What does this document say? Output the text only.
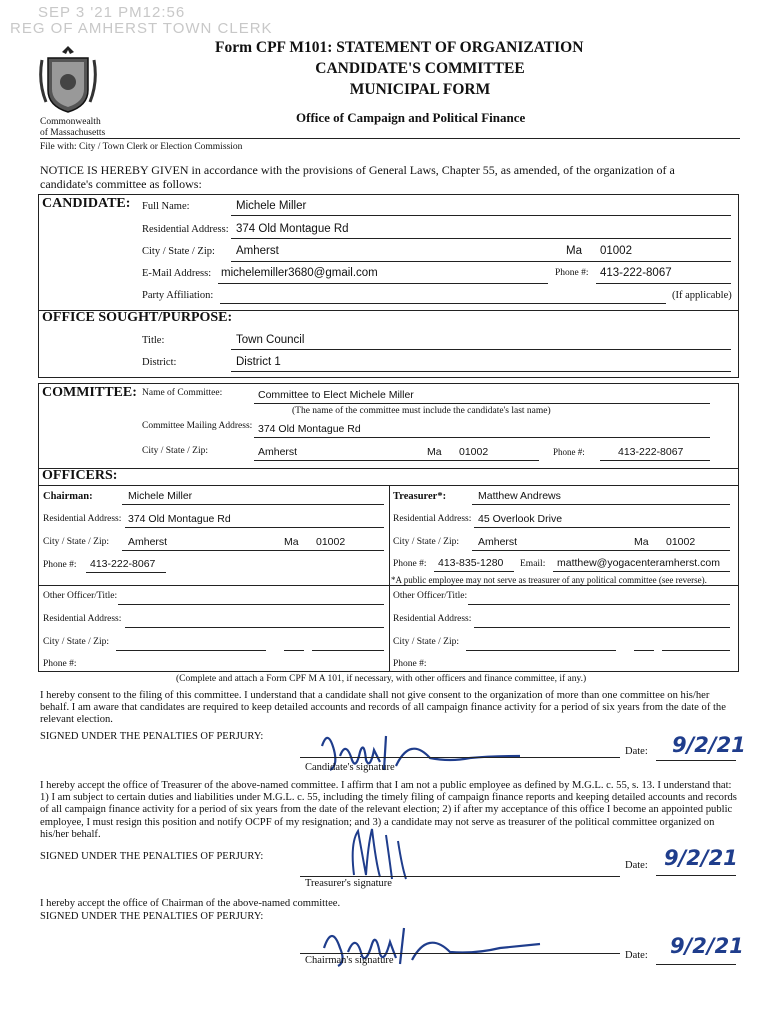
SEP 3 '21 PM12:56
REG OF AMHERST TOWN CLERK
Commonwealth
of Massachusetts
Form CPF M101: STATEMENT OF ORGANIZATION
CANDIDATE'S COMMITTEE
MUNICIPAL FORM
Office of Campaign and Political Finance
File with: City / Town Clerk or Election Commission
NOTICE IS HEREBY GIVEN in accordance with the provisions of General Laws, Chapter 55, as amended, of the organization of a candidate's committee as follows:
CANDIDATE: Full Name:	Michele Miller
Residential Address: 374 Old Montague Rd
City / State / Zip: Amherst	Ma 01002
E-Mail Address: michelemiller3680@gmail.com	Phone #: 413-222-8067
Party Affiliation:	(If applicable)
OFFICE SOUGHT/PURPOSE:
Title:	Town Council
District:	District 1
COMMITTEE: Name of Committee:	Committee to Elect Michele Miller
(The name of the committee must include the candidate's last name)
Committee Mailing Address: 374 Old Montague Rd
City / State / Zip:	Amherst	Ma 01002	Phone #:	413-222-8067
OFFICERS:
Chairman:	Michele Miller
Residential Address: 374 Old Montague Rd
City / State / Zip: Amherst	Ma 01002
Phone #: 413-222-8067
Treasurer*:	Matthew Andrews
Residential Address: 45 Overlook Drive
City / State / Zip: Amherst	Ma 01002
Phone #: 413-835-1280 Email: matthew@yogacenteramherst.com
*A public employee may not serve as treasurer of any political committee (see reverse).
Other Officer/Title:
Residential Address:
City / State / Zip:
Phone #:
Other Officer/Title:
Residential Address:
City / State / Zip:
Phone #:
(Complete and attach a Form CPF M A 101, if necessary, with other officers and finance committee, if any.)
I hereby consent to the filing of this committee. I understand that a candidate shall not give consent to the organization of more than one committee on his/her behalf. I am aware that candidates are required to keep detailed accounts and records of all campaign finance activity for a period of six years from the date of the relevant election.
SIGNED UNDER THE PENALTIES OF PERJURY:
Candidate's signature
Date: 9/2/21
I hereby accept the office of Treasurer of the above-named committee. I affirm that I am not a public employee as defined by M.G.L. c. 55, s. 13. I understand that: 1) I am subject to certain duties and liabilities under M.G.L. c. 55, including the timely filing of campaign finance reports and keeping detailed accounts and records of all campaign finance activity for a period of six years from the date of the relevant election; 2) if after my acceptance of this office I become an appointed public employee, I must resign this position and notify OCPF of my resignation; and 3) a candidate may not serve as treasurer of the political committee organized on his/her behalf.
SIGNED UNDER THE PENALTIES OF PERJURY:
Treasurer's signature
Date: 9/2/21
I hereby accept the office of Chairman of the above-named committee.
SIGNED UNDER THE PENALTIES OF PERJURY:
Chairman's signature	Date: 9/2/21
